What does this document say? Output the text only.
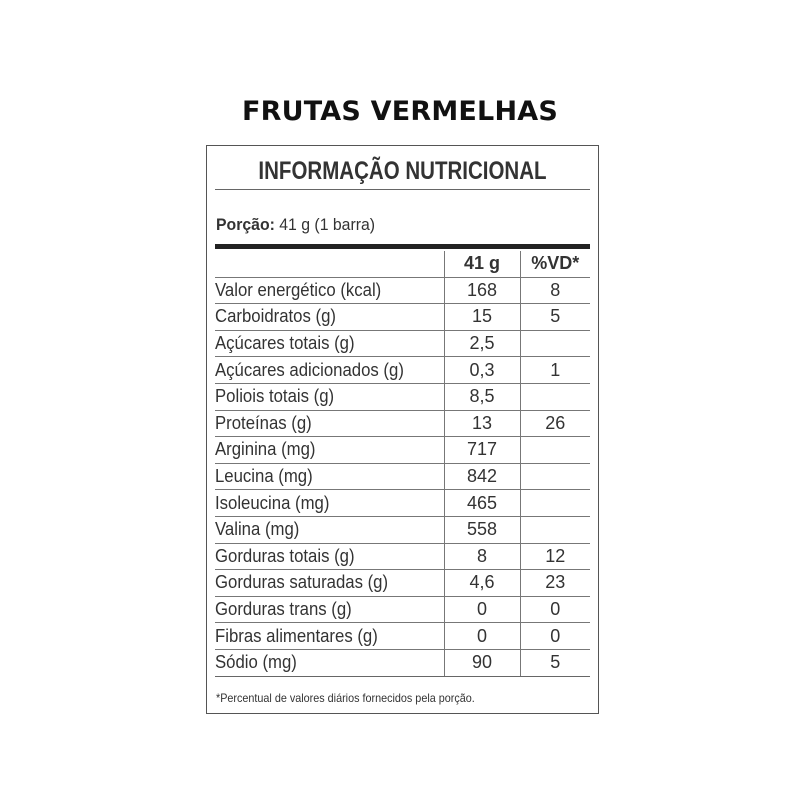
FRUTAS VERMELHAS
INFORMAÇÃO NUTRICIONAL
Porção: 41 g (1 barra)
	41 g	%VD*
Valor energético (kcal)	168	8
Carboidratos (g)	15	5
Açúcares totais (g)	2,5	
Açúcares adicionados (g)	0,3	1
Poliois totais (g)	8,5	
Proteínas (g)	13	26
Arginina (mg)	717	
Leucina (mg)	842	
Isoleucina (mg)	465	
Valina (mg)	558	
Gorduras totais (g)	8	12
Gorduras saturadas (g)	4,6	23
Gorduras trans (g)	0	0
Fibras alimentares (g)	0	0
Sódio (mg)	90	5
*Percentual de valores diários fornecidos pela porção.
